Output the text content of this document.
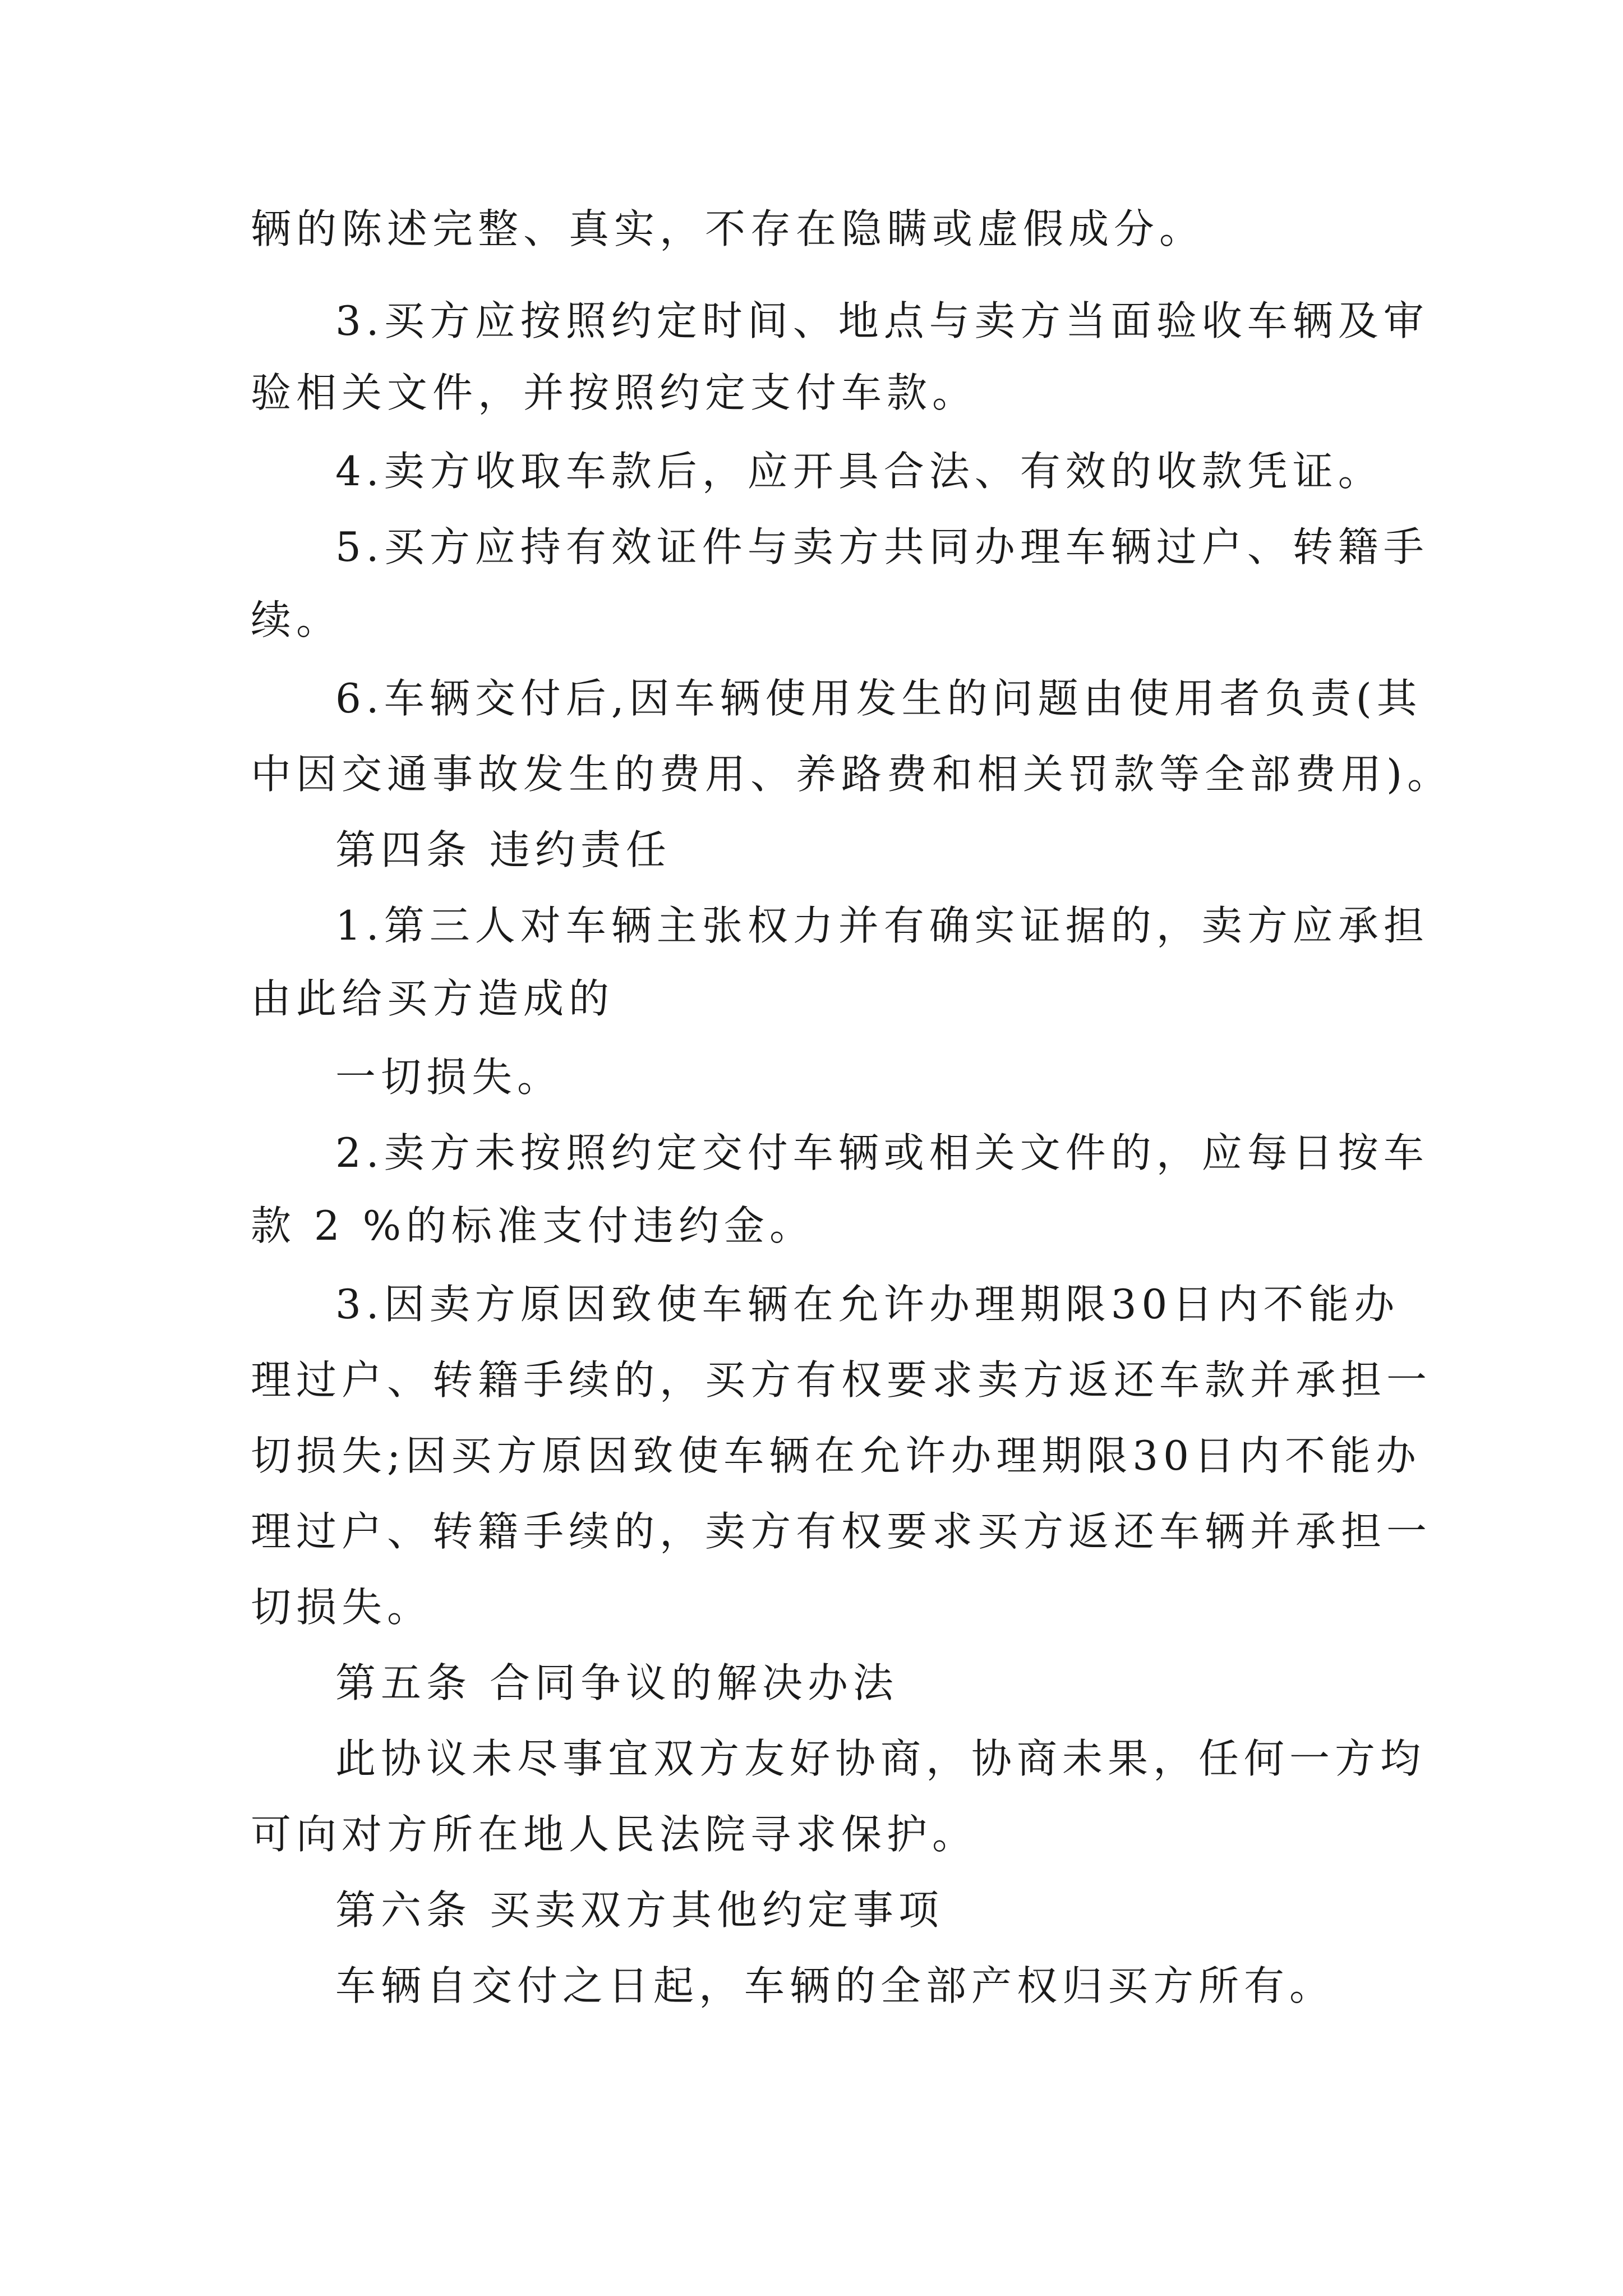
辆的陈述完整、真实，不存在隐瞒或虚假成分。
3.买方应按照约定时间、地点与卖方当面验收车辆及审
验相关文件，并按照约定支付车款。
4.卖方收取车款后，应开具合法、有效的收款凭证。
5.买方应持有效证件与卖方共同办理车辆过户、转籍手
续。
6.车辆交付后,因车辆使用发生的问题由使用者负责(其
中因交通事故发生的费用、养路费和相关罚款等全部费用)。
第四条 违约责任
1.第三人对车辆主张权力并有确实证据的，卖方应承担
由此给买方造成的
一切损失。
2.卖方未按照约定交付车辆或相关文件的，应每日按车
款 2 %的标准支付违约金。
3.因卖方原因致使车辆在允许办理期限30日内不能办
理过户、转籍手续的，买方有权要求卖方返还车款并承担一
切损失;因买方原因致使车辆在允许办理期限30日内不能办
理过户、转籍手续的，卖方有权要求买方返还车辆并承担一
切损失。
第五条 合同争议的解决办法
此协议未尽事宜双方友好协商，协商未果，任何一方均
可向对方所在地人民法院寻求保护。
第六条 买卖双方其他约定事项
车辆自交付之日起，车辆的全部产权归买方所有。
